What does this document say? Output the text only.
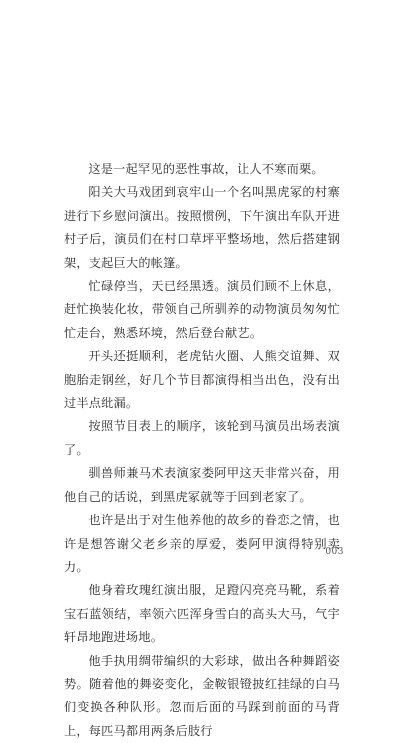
这是一起罕见的恶性事故，让人不寒而栗。

阳关大马戏团到哀牢山一个名叫黑虎冢的村寨进行下乡慰问演出。按照惯例，下午演出车队开进村子后，演员们在村口草坪平整场地，然后搭建钢架，支起巨大的帐篷。

忙碌停当，天已经黑透。演员们顾不上休息，赶忙换装化妆，带领自己所驯养的动物演员匆匆忙忙走台，熟悉环境，然后登台献艺。

开头还挺顺利，老虎钻火圈、人熊交谊舞、双胞胎走钢丝，好几个节目都演得相当出色，没有出过半点纰漏。

按照节目表上的顺序，该轮到马演员出场表演了。

驯兽师兼马术表演家娄阿甲这天非常兴奋，用他自己的话说，到黑虎冢就等于回到老家了。

也许是出于对生他养他的故乡的眷恋之情，也许是想答谢父老乡亲的厚爱，娄阿甲演得特别卖力。

他身着玫瑰红演出服，足蹬闪亮亮马靴，系着宝石蓝领结，率领六匹浑身雪白的高头大马，气宇轩昂地跑进场地。

他手执用绸带编织的大彩球，做出各种舞蹈姿势。随着他的舞姿变化，金鞍银镫披红挂绿的白马们变换各种队形。忽而后面的马踩到前面的马背上，每匹马都用两条后肢行

003
